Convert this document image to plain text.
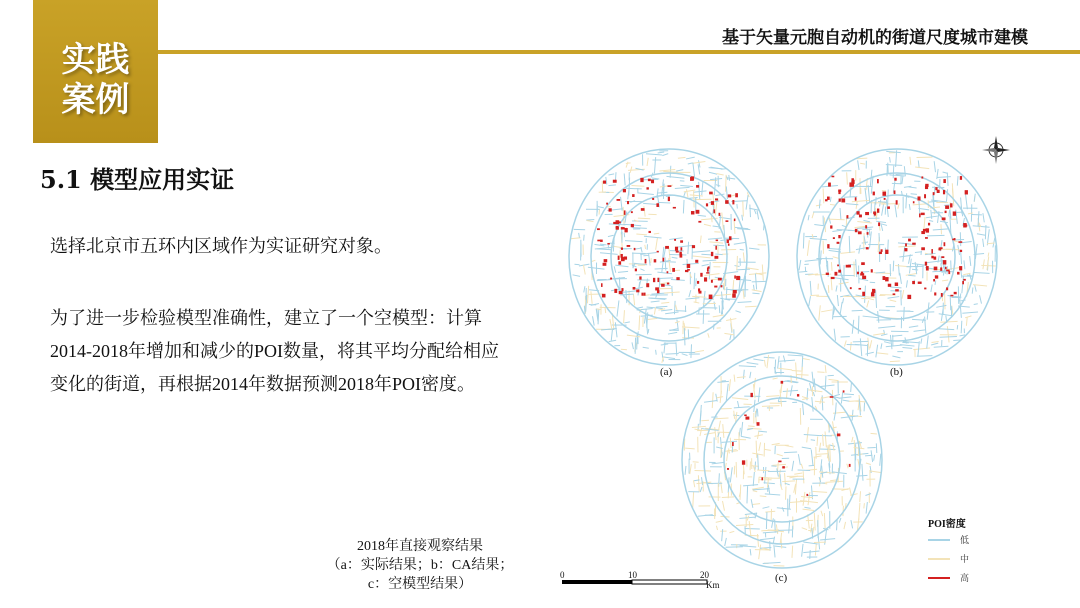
实践
案例
基于矢量元胞自动机的街道尺度城市建模
5.1 模型应用实证
选择北京市五环内区域作为实证研究对象。
为了进一步检验模型准确性，建立了一个空模型：计算2014-2018年增加和减少的POI数量，将其平均分配给相应变化的街道，再根据2014年数据预测2018年POI密度。
2018年直接观察结果
（a：实际结果；b：CA结果；
c：空模型结果）
(a)	(b)
(c)
POI密度
低
中
高
0	10	20
Km
